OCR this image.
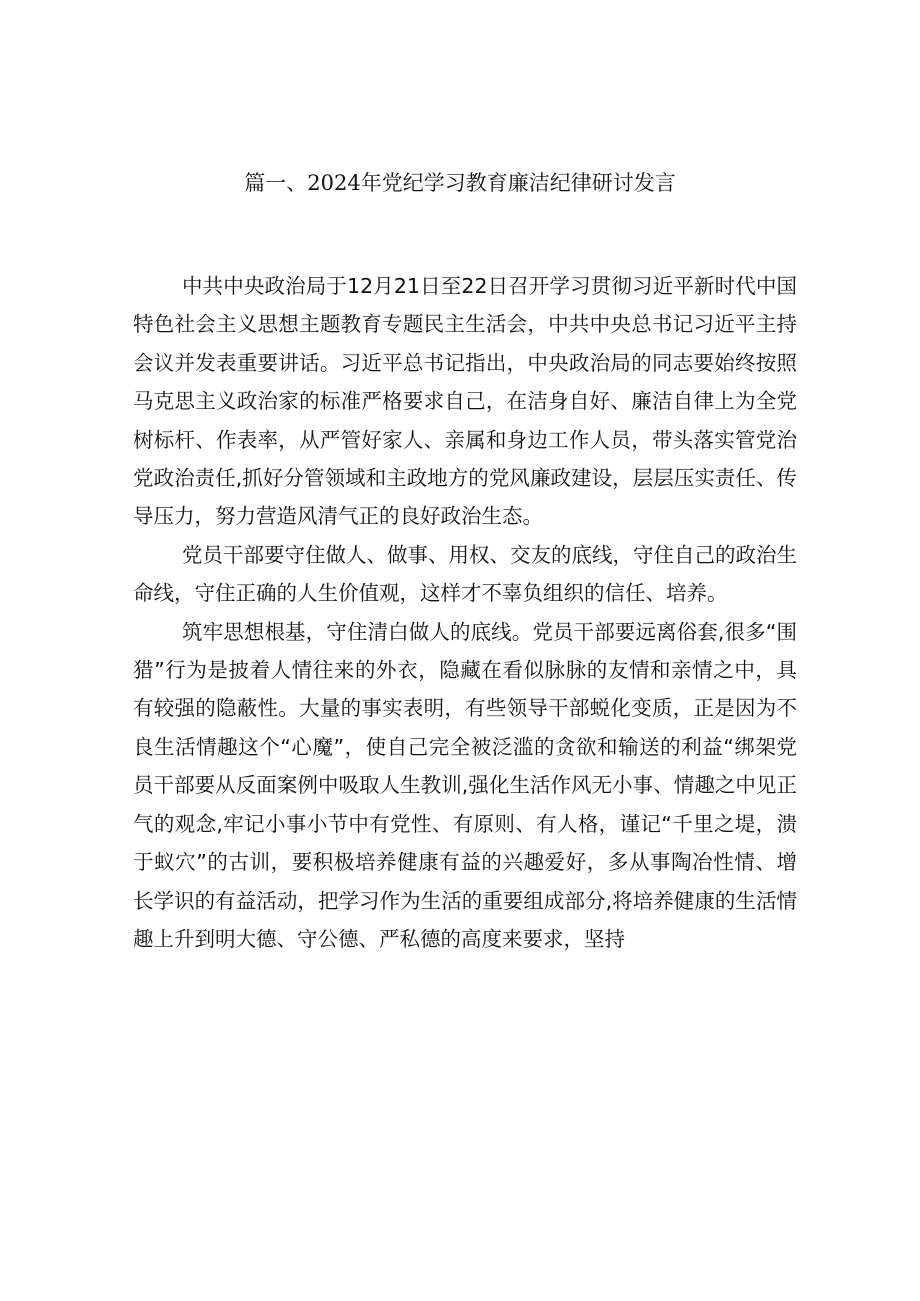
篇一、2024年党纪学习教育廉洁纪律研讨发言

中共中央政治局于12月21日至22日召开学习贯彻习近平新时代中国特色社会主义思想主题教育专题民主生活会，中共中央总书记习近平主持会议并发表重要讲话。习近平总书记指出，中央政治局的同志要始终按照马克思主义政治家的标准严格要求自己，在洁身自好、廉洁自律上为全党树标杆、作表率，从严管好家人、亲属和身边工作人员，带头落实管党治党政治责任,抓好分管领域和主政地方的党风廉政建设，层层压实责任、传导压力，努力营造风清气正的良好政治生态。

党员干部要守住做人、做事、用权、交友的底线，守住自己的政治生命线，守住正确的人生价值观，这样才不辜负组织的信任、培养。

筑牢思想根基，守住清白做人的底线。党员干部要远离俗套,很多“围猎”行为是披着人情往来的外衣，隐藏在看似脉脉的友情和亲情之中，具有较强的隐蔽性。大量的事实表明，有些领导干部蜕化变质，正是因为不良生活情趣这个“心魔”，使自己完全被泛滥的贪欲和输送的利益“绑架党员干部要从反面案例中吸取人生教训,强化生活作风无小事、情趣之中见正气的观念,牢记小事小节中有党性、有原则、有人格，谨记“千里之堤，溃于蚁穴”的古训，要积极培养健康有益的兴趣爱好，多从事陶冶性情、增长学识的有益活动，把学习作为生活的重要组成部分,将培养健康的生活情趣上升到明大德、守公德、严私德的高度来要求，坚持
